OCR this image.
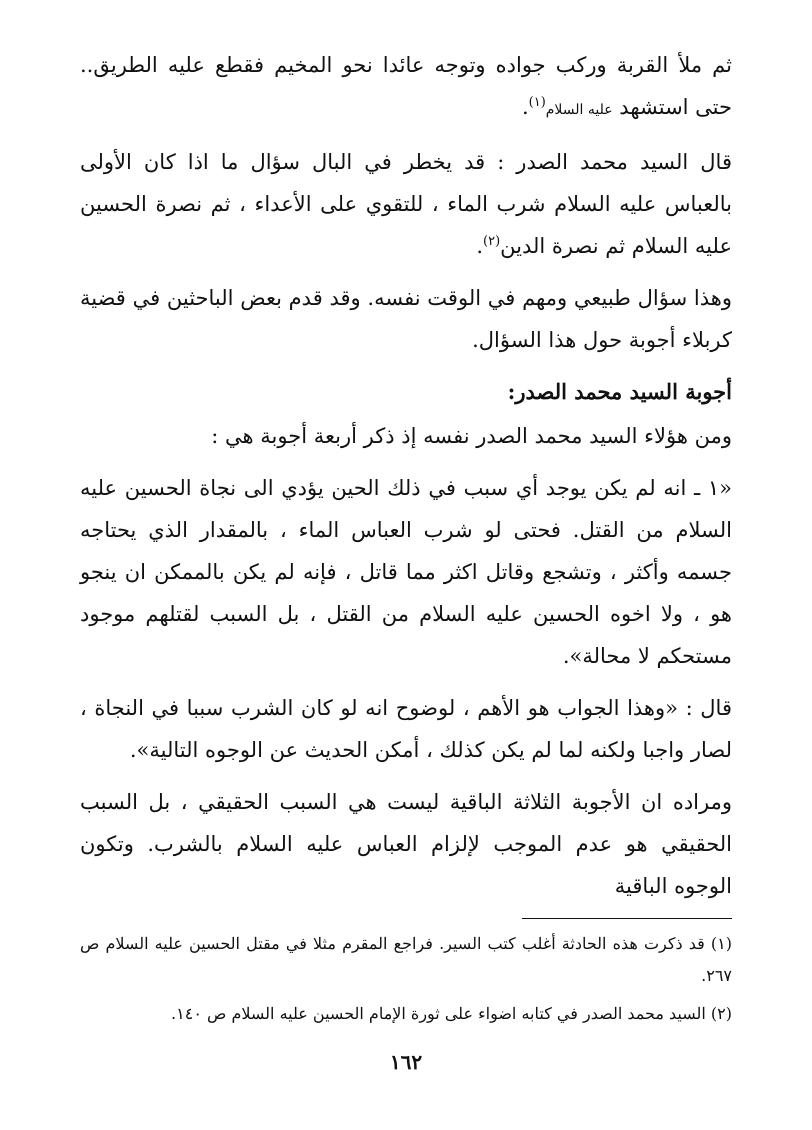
ثم ملأ القربة وركب جواده وتوجه عائدا نحو المخيم فقطع عليه الطريق.. حتى استشهد عليه السلام$^{(١)}$.

قال السيد محمد الصدر : قد يخطر في البال سؤال ما اذا كان الأولى بالعباس عليه السلام شرب الماء ، للتقوي على الأعداء ، ثم نصرة الحسين عليه السلام ثم نصرة الدين$^{(٢)}$.

وهذا سؤال طبيعي ومهم في الوقت نفسه. وقد قدم بعض الباحثين في قضية كربلاء أجوبة حول هذا السؤال.

أجوبة السيد محمد الصدر:

ومن هؤلاء السيد محمد الصدر نفسه إذ ذكر أربعة أجوبة هي :

«١ ـ انه لم يكن يوجد أي سبب في ذلك الحين يؤدي الى نجاة الحسين عليه السلام من القتل. فحتى لو شرب العباس الماء ، بالمقدار الذي يحتاجه جسمه وأكثر ، وتشجع وقاتل اكثر مما قاتل ، فإنه لم يكن بالممكن ان ينجو هو ، ولا اخوه الحسين عليه السلام من القتل ، بل السبب لقتلهم موجود مستحكم لا محالة».

قال : «وهذا الجواب هو الأهم ، لوضوح انه لو كان الشرب سببا في النجاة ، لصار واجبا ولكنه لما لم يكن كذلك ، أمكن الحديث عن الوجوه التالية».

ومراده ان الأجوبة الثلاثة الباقية ليست هي السبب الحقيقي ، بل السبب الحقيقي هو عدم الموجب لإلزام العباس عليه السلام بالشرب. وتكون الوجوه الباقية

(١) قد ذكرت هذه الحادثة أغلب كتب السير. فراجع المقرم مثلا في مقتل الحسين عليه السلام ص ٢٦٧.

(٢) السيد محمد الصدر في كتابه اضواء على ثورة الإمام الحسين عليه السلام ص ١٤٠.

١٦٢
